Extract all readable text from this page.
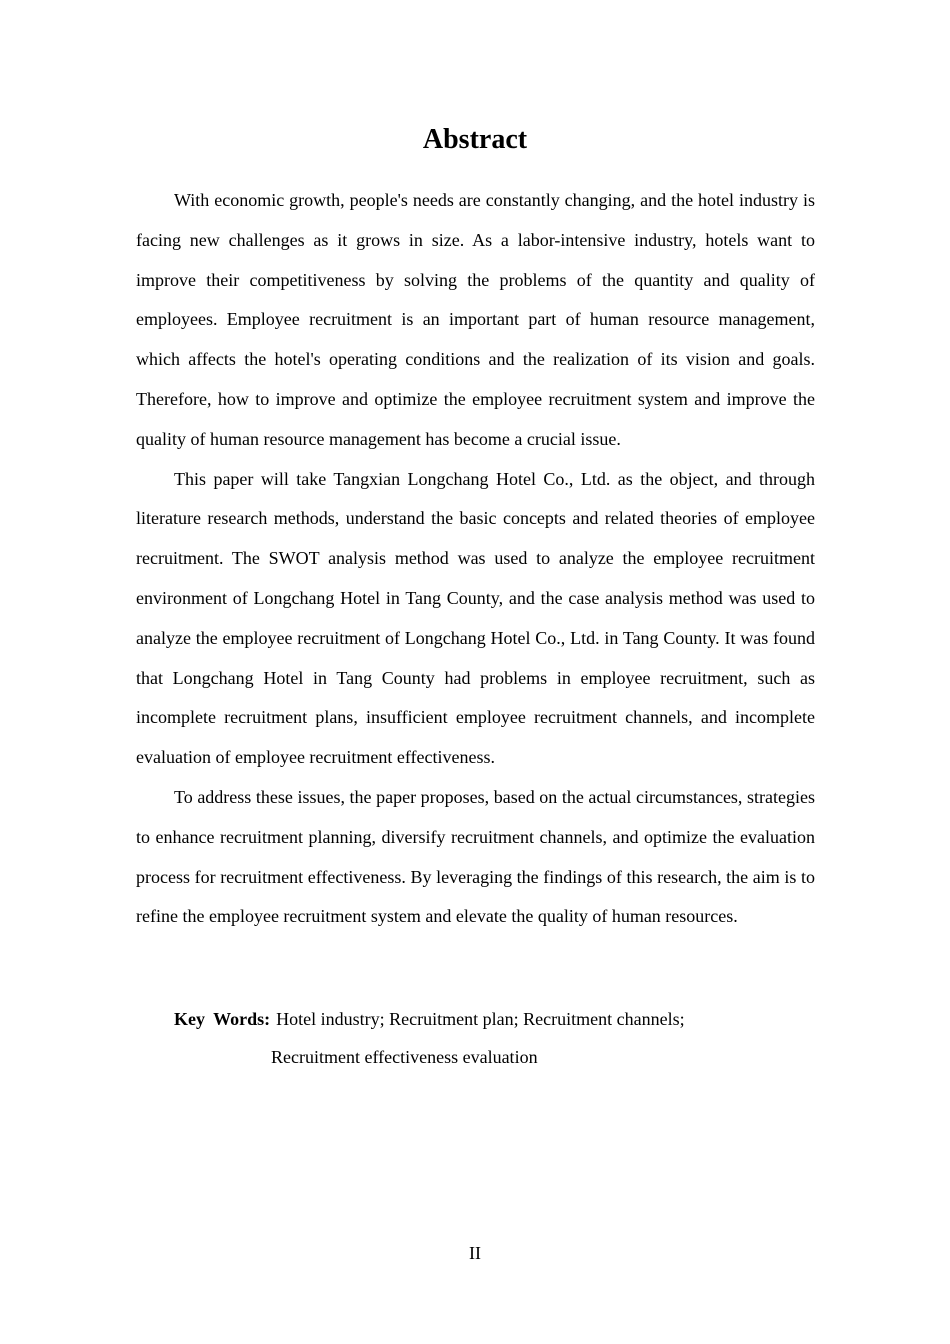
Abstract

With economic growth, people's needs are constantly changing, and the hotel industry is facing new challenges as it grows in size. As a labor-intensive industry, hotels want to improve their competitiveness by solving the problems of the quantity and quality of employees. Employee recruitment is an important part of human resource management, which affects the hotel's operating conditions and the realization of its vision and goals. Therefore, how to improve and optimize the employee recruitment system and improve the quality of human resource management has become a crucial issue.

This paper will take Tangxian Longchang Hotel Co., Ltd. as the object, and through literature research methods, understand the basic concepts and related theories of employee recruitment. The SWOT analysis method was used to analyze the employee recruitment environment of Longchang Hotel in Tang County, and the case analysis method was used to analyze the employee recruitment of Longchang Hotel Co., Ltd. in Tang County. It was found that Longchang Hotel in Tang County had problems in employee recruitment, such as incomplete recruitment plans, insufficient employee recruitment channels, and incomplete evaluation of employee recruitment effectiveness.

To address these issues, the paper proposes, based on the actual circumstances, strategies to enhance recruitment planning, diversify recruitment channels, and optimize the evaluation process for recruitment effectiveness. By leveraging the findings of this research, the aim is to refine the employee recruitment system and elevate the quality of human resources.

Key Words: Hotel industry; Recruitment plan; Recruitment channels;
Recruitment effectiveness evaluation
II
